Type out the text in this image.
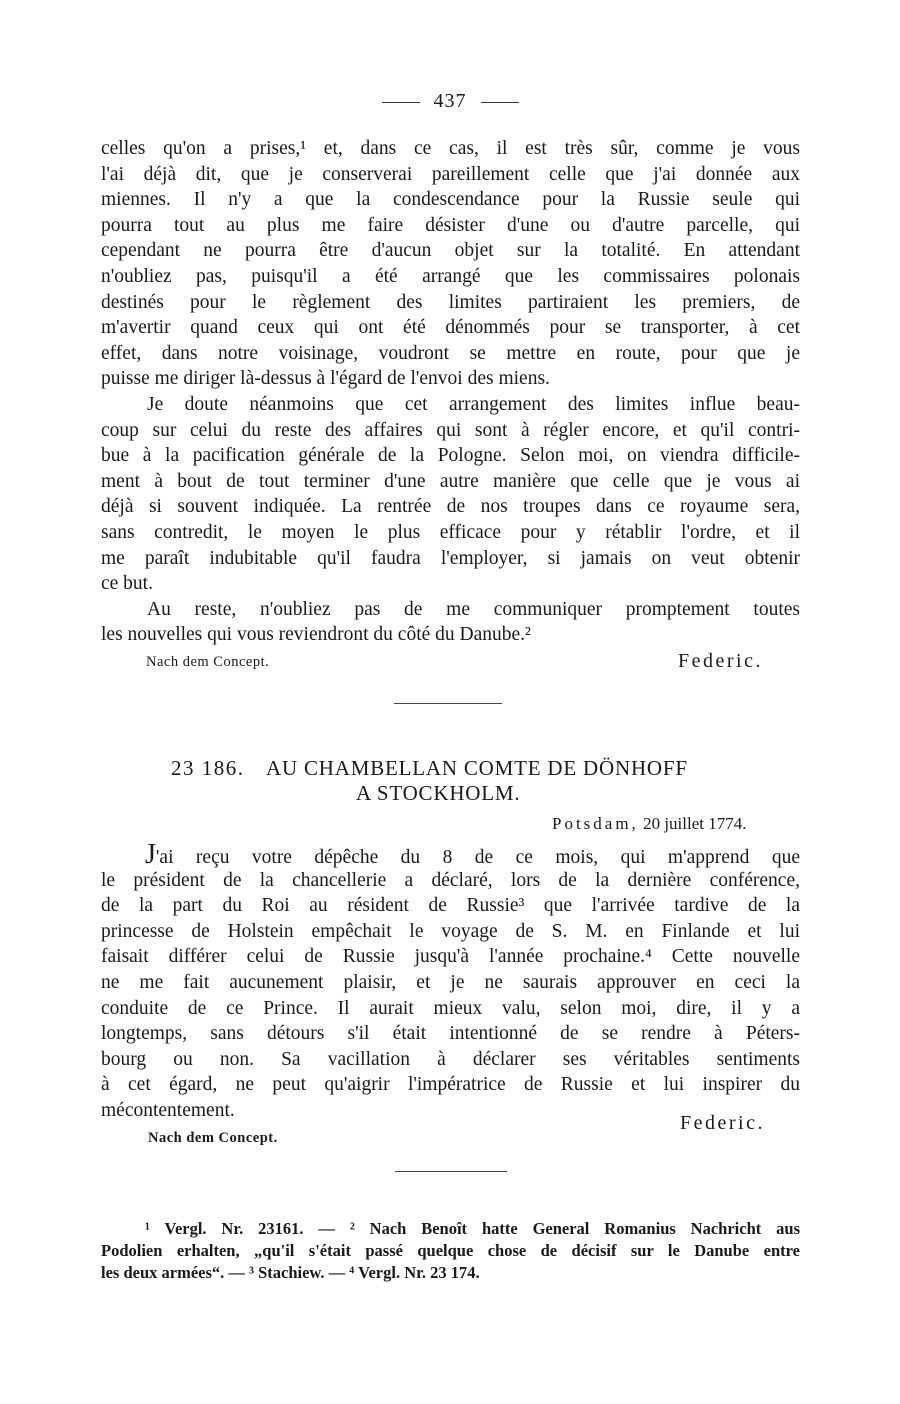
437
celles qu'on a prises,¹ et, dans ce cas, il est très sûr, comme je vous
l'ai déjà dit, que je conserverai pareillement celle que j'ai donnée aux
miennes. Il n'y a que la condescendance pour la Russie seule qui
pourra tout au plus me faire désister d'une ou d'autre parcelle, qui
cependant ne pourra être d'aucun objet sur la totalité. En attendant
n'oubliez pas, puisqu'il a été arrangé que les commissaires polonais
destinés pour le règlement des limites partiraient les premiers, de
m'avertir quand ceux qui ont été dénommés pour se transporter, à cet
effet, dans notre voisinage, voudront se mettre en route, pour que je
puisse me diriger là-dessus à l'égard de l'envoi des miens.
Je doute néanmoins que cet arrangement des limites influe beau-
coup sur celui du reste des affaires qui sont à régler encore, et qu'il contri-
bue à la pacification générale de la Pologne. Selon moi, on viendra difficile-
ment à bout de tout terminer d'une autre manière que celle que je vous ai
déjà si souvent indiquée. La rentrée de nos troupes dans ce royaume sera,
sans contredit, le moyen le plus efficace pour y rétablir l'ordre, et il
me paraît indubitable qu'il faudra l'employer, si jamais on veut obtenir
ce but.
Au reste, n'oubliez pas de me communiquer promptement toutes
les nouvelles qui vous reviendront du côté du Danube.²
Nach dem Concept.	Federic.
23 186. AU CHAMBELLAN COMTE DE DÖNHOFF
A STOCKHOLM.
Potsdam, 20 juillet 1774.
J'ai reçu votre dépêche du 8 de ce mois, qui m'apprend que
le président de la chancellerie a déclaré, lors de la dernière conférence,
de la part du Roi au résident de Russie³ que l'arrivée tardive de la
princesse de Holstein empêchait le voyage de S. M. en Finlande et lui
faisait différer celui de Russie jusqu'à l'année prochaine.⁴ Cette nouvelle
ne me fait aucunement plaisir, et je ne saurais approuver en ceci la
conduite de ce Prince. Il aurait mieux valu, selon moi, dire, il y a
longtemps, sans détours s'il était intentionné de se rendre à Péters-
bourg ou non. Sa vacillation à déclarer ses véritables sentiments
à cet égard, ne peut qu'aigrir l'impératrice de Russie et lui inspirer du
mécontentement.
Federic.
Nach dem Concept.
¹ Vergl. Nr. 23161. — ² Nach Benoît hatte General Romanius Nachricht aus
Podolien erhalten, „qu'il s'était passé quelque chose de décisif sur le Danube entre
les deux armées“. — ³ Stachiew. — ⁴ Vergl. Nr. 23 174.
